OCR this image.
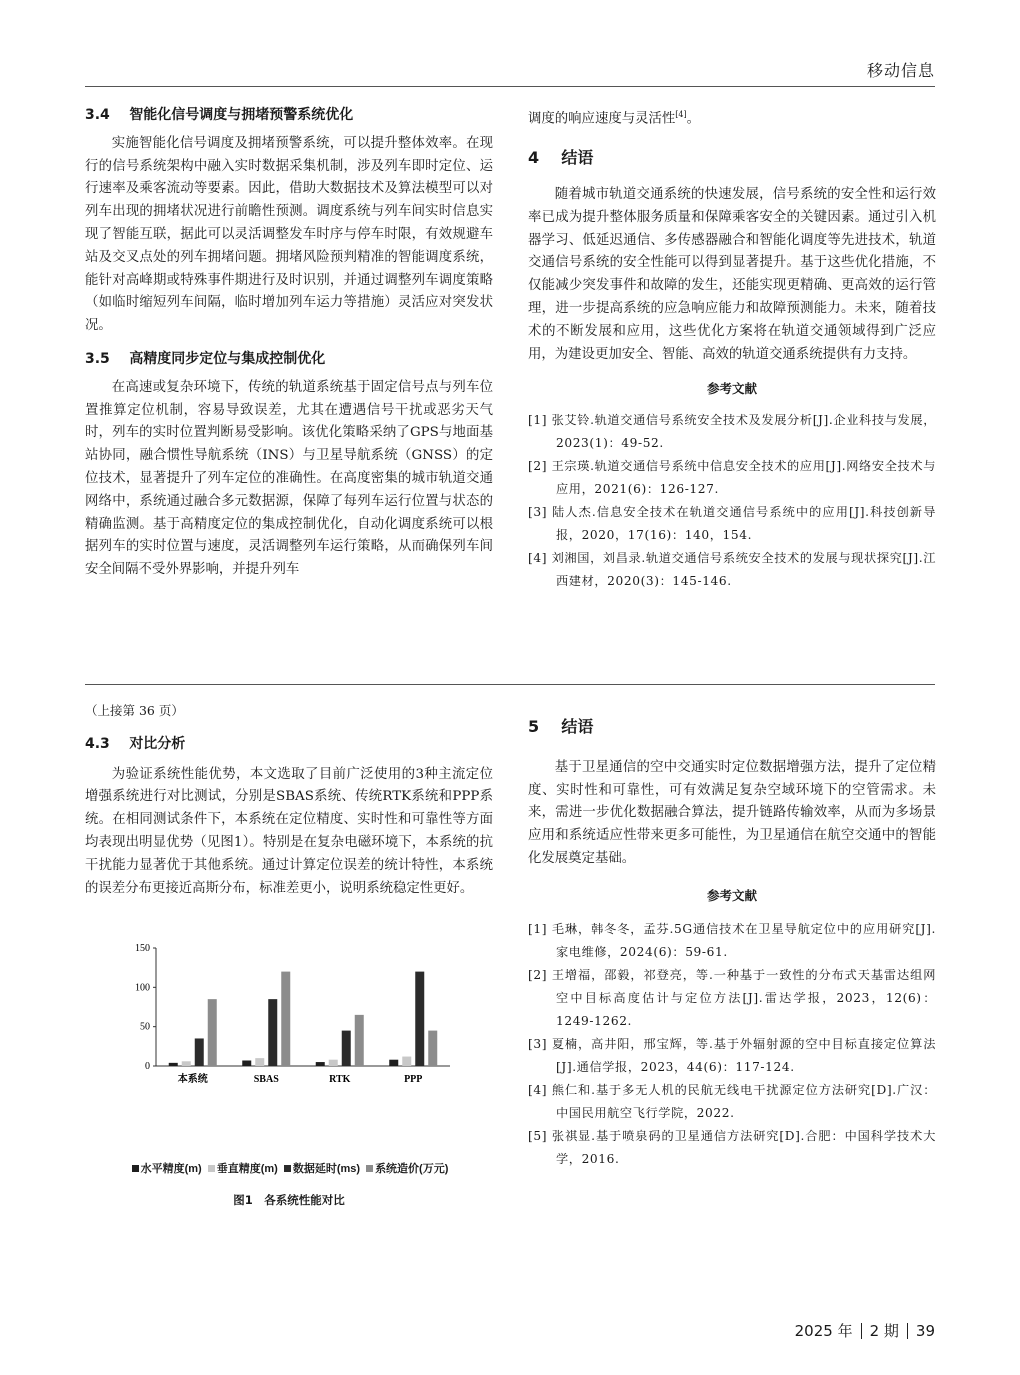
移动信息

3.4 智能化信号调度与拥堵预警系统优化

实施智能化信号调度及拥堵预警系统，可以提升整体效率。在现行的信号系统架构中融入实时数据采集机制，涉及列车即时定位、运行速率及乘客流动等要素。因此，借助大数据技术及算法模型可以对列车出现的拥堵状况进行前瞻性预测。调度系统与列车间实时信息实现了智能互联，据此可以灵活调整发车时序与停车时限，有效规避车站及交叉点处的列车拥堵问题。拥堵风险预判精准的智能调度系统，能针对高峰期或特殊事件期进行及时识别，并通过调整列车调度策略（如临时缩短列车间隔，临时增加列车运力等措施）灵活应对突发状况。

3.5 高精度同步定位与集成控制优化

在高速或复杂环境下，传统的轨道系统基于固定信号点与列车位置推算定位机制，容易导致误差，尤其在遭遇信号干扰或恶劣天气时，列车的实时位置判断易受影响。该优化策略采纳了GPS与地面基站协同，融合惯性导航系统（INS）与卫星导航系统（GNSS）的定位技术，显著提升了列车定位的准确性。在高度密集的城市轨道交通网络中，系统通过融合多元数据源，保障了每列车运行位置与状态的精确监测。基于高精度定位的集成控制优化，自动化调度系统可以根据列车的实时位置与速度，灵活调整列车运行策略，从而确保列车间安全间隔不受外界影响，并提升列车

调度的响应速度与灵活性[4]。

4 结语

随着城市轨道交通系统的快速发展，信号系统的安全性和运行效率已成为提升整体服务质量和保障乘客安全的关键因素。通过引入机器学习、低延迟通信、多传感器融合和智能化调度等先进技术，轨道交通信号系统的安全性能可以得到显著提升。基于这些优化措施，不仅能减少突发事件和故障的发生，还能实现更精确、更高效的运行管理，进一步提高系统的应急响应能力和故障预测能力。未来，随着技术的不断发展和应用，这些优化方案将在轨道交通领域得到广泛应用，为建设更加安全、智能、高效的轨道交通系统提供有力支持。

参考文献

[1] 张艾铃.轨道交通信号系统安全技术及发展分析[J].企业科技与发展，2023(1)：49-52.

[2] 王宗瑛.轨道交通信号系统中信息安全技术的应用[J].网络安全技术与应用，2021(6)：126-127.

[3] 陆人杰.信息安全技术在轨道交通信号系统中的应用[J].科技创新导报，2020，17(16)：140，154.

[4] 刘湘国，刘昌录.轨道交通信号系统安全技术的发展与现状探究[J].江西建材，2020(3)：145-146.

（上接第 36 页）

4.3 对比分析

为验证系统性能优势，本文选取了目前广泛使用的3种主流定位增强系统进行对比测试，分别是SBAS系统、传统RTK系统和PPP系统。在相同测试条件下，本系统在定位精度、实时性和可靠性等方面均表现出明显优势（见图1）。特别是在复杂电磁环境下，本系统的抗干扰能力显著优于其他系统。通过计算定位误差的统计特性，本系统的误差分布更接近高斯分布，标准差更小，说明系统稳定性更好。

0
50
100
150
本系统	SBAS	RTK	PPP
水平精度(m)	垂直精度(m)	数据延时(ms)	系统造价(万元)
图1　各系统性能对比

5 结语

基于卫星通信的空中交通实时定位数据增强方法，提升了定位精度、实时性和可靠性，可有效满足复杂空域环境下的空管需求。未来，需进一步优化数据融合算法，提升链路传输效率，从而为多场景应用和系统适应性带来更多可能性，为卫星通信在航空交通中的智能化发展奠定基础。

参考文献

[1] 毛琳，韩冬冬，孟芬.5G通信技术在卫星导航定位中的应用研究[J].家电维修，2024(6)：59-61.

[2] 王增福，邵毅，祁登亮，等.一种基于一致性的分布式天基雷达组网空中目标高度估计与定位方法[J].雷达学报，2023，12(6)：1249-1262.

[3] 夏楠，高井阳，邢宝辉，等.基于外辐射源的空中目标直接定位算法[J].通信学报，2023，44(6)：117-124.

[4] 熊仁和.基于多无人机的民航无线电干扰源定位方法研究[D].广汉：中国民用航空飞行学院，2022.

[5] 张祺显.基于喷泉码的卫星通信方法研究[D].合肥：中国科学技术大学，2016.

2025 年 2 期 39
